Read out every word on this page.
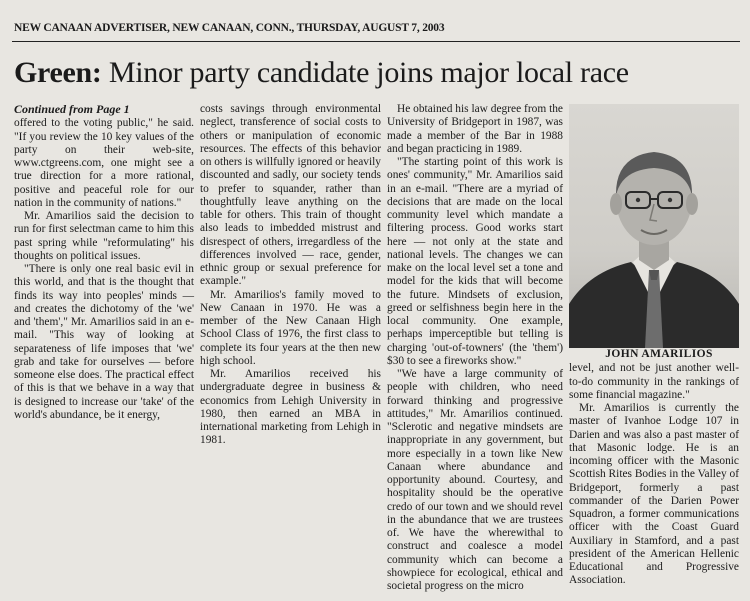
NEW CANAAN ADVERTISER, NEW CANAAN, CONN., THURSDAY, AUGUST 7, 2003
Green: Minor party candidate joins major local race

Continued from Page 1

offered to the voting public," he said. "If you review the 10 key values of the party on their web-site, www.ctgreens.com, one might see a true direction for a more rational, positive and peaceful role for our nation in the community of nations."

Mr. Amarilios said the decision to run for first selectman came to him this past spring while "reformulating" his thoughts on political issues.

"There is only one real basic evil in this world, and that is the thought that finds its way into peoples' minds — and creates the dichotomy of the 'we' and 'them'," Mr. Amarilios said in an e-mail. "This way of looking at separateness of life imposes that 'we' grab and take for ourselves — before someone else does. The practical effect of this is that we behave in a way that is designed to increase our 'take' of the world's abundance, be it energy,

costs savings through environmental neglect, transference of social costs to others or manipulation of economic resources. The effects of this behavior on others is willfully ignored or heavily discounted and sadly, our society tends to prefer to squander, rather than thoughtfully leave anything on the table for others. This train of thought also leads to imbedded mistrust and disrespect of others, irregardless of the differences involved — race, gender, ethnic group or sexual preference for example."

Mr. Amarilios's family moved to New Canaan in 1970. He was a member of the New Canaan High School Class of 1976, the first class to complete its four years at the then new high school.

Mr. Amarilios received his undergraduate degree in business & economics from Lehigh University in 1980, then earned an MBA in international marketing from Lehigh in 1981.

He obtained his law degree from the University of Bridgeport in 1987, was made a member of the Bar in 1988 and began practicing in 1989.

"The starting point of this work is ones' community," Mr. Amarilios said in an e-mail. "There are a myriad of decisions that are made on the local community level which mandate a filtering process. Good works start here — not only at the state and national levels. The changes we can make on the local level set a tone and model for the kids that will become the future. Mindsets of exclusion, greed or selfishness begin here in the local community. One example, perhaps imperceptible but telling is charging 'out-of-towners' (the 'them') $30 to see a fireworks show."

"We have a large community of people with children, who need forward thinking and progressive attitudes," Mr. Amarilios continued. "Sclerotic and negative mindsets are inappropriate in any government, but more especially in a town like New Canaan where abundance and opportunity abound. Courtesy, and hospitality should be the operative credo of our town and we should revel in the abundance that we are trustees of. We have the wherewithal to construct and coalesce a model community which can become a showpiece for ecological, ethical and societal progress on the micro

JOHN AMARILIOS

level, and not be just another well-to-do community in the rankings of some financial magazine."

Mr. Amarilios is currently the master of Ivanhoe Lodge 107 in Darien and was also a past master of that Masonic lodge. He is an incoming officer with the Masonic Scottish Rites Bodies in the Valley of Bridgeport, formerly a past commander of the Darien Power Squadron, a former communications officer with the Coast Guard Auxiliary in Stamford, and a past president of the American Hellenic Educational and Progressive Association.
